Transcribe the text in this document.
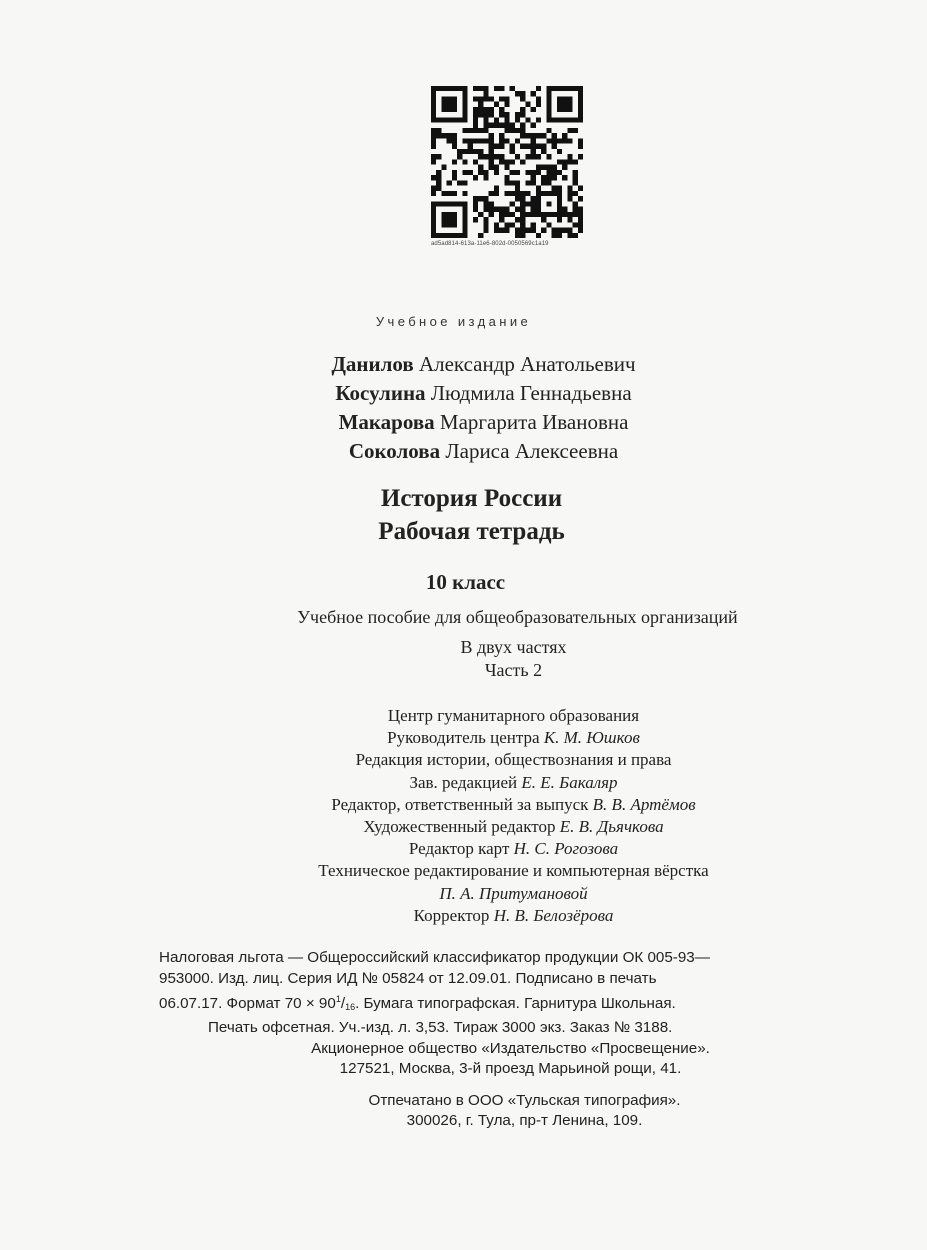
ad5ad814-613a-11e6-802d-0050569c1a19
Учебное издание
Данилов Александр Анатольевич
Косулина Людмила Геннадьевна
Макарова Маргарита Ивановна
Соколова Лариса Алексеевна
История России
Рабочая тетрадь
10 класс
Учебное пособие для общеобразовательных организаций
В двух частях
Часть 2
Центр гуманитарного образования
Руководитель центра К. М. Юшков
Редакция истории, обществознания и права
Зав. редакцией Е. Е. Бакаляр
Редактор, ответственный за выпуск В. В. Артёмов
Художественный редактор Е. В. Дьячкова
Редактор карт Н. С. Рогозова
Техническое редактирование и компьютерная вёрстка
П. А. Притумановой
Корректор Н. В. Белозёрова
Налоговая льгота — Общероссийский классификатор продукции ОК 005-93—
953000. Изд. лиц. Серия ИД № 05824 от 12.09.01. Подписано в печать
06.07.17. Формат $70 \times 90^1/_{16}$. Бумага типографская. Гарнитура Школьная.
Печать офсетная. Уч.-изд. л. 3,53. Тираж 3000 экз. Заказ № 3188.
Акционерное общество «Издательство «Просвещение».
127521, Москва, 3-й проезд Марьиной рощи, 41.
Отпечатано в ООО «Тульская типография».
300026, г. Тула, пр-т Ленина, 109.
